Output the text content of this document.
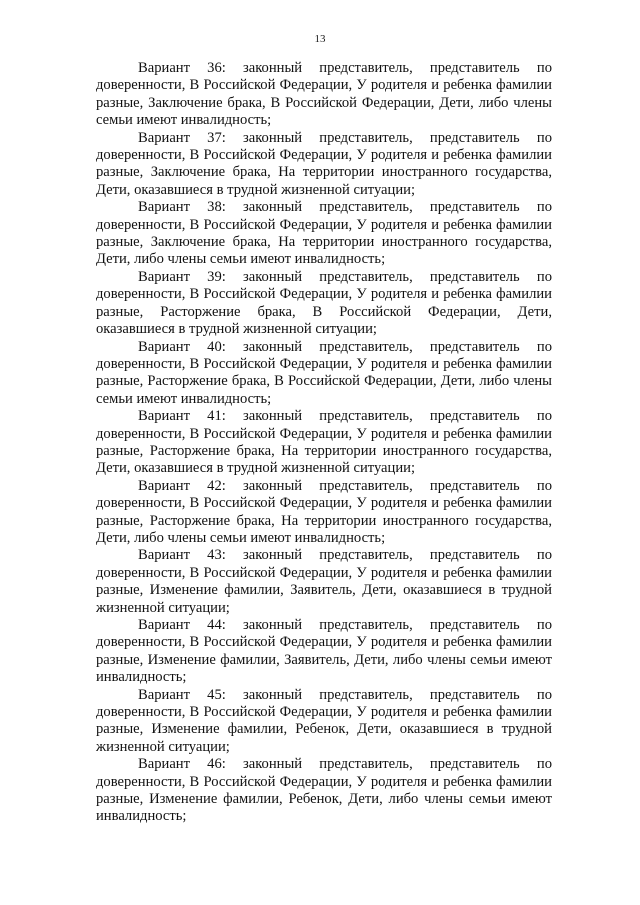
13

Вариант 36: законный представитель, представитель по доверенности, В Российской Федерации, У родителя и ребенка фамилии разные, Заключение брака, В Российской Федерации, Дети, либо члены семьи имеют инвалидность;

Вариант 37: законный представитель, представитель по доверенности, В Российской Федерации, У родителя и ребенка фамилии разные, Заключение брака, На территории иностранного государства, Дети, оказавшиеся в трудной жизненной ситуации;

Вариант 38: законный представитель, представитель по доверенности, В Российской Федерации, У родителя и ребенка фамилии разные, Заключение брака, На территории иностранного государства, Дети, либо члены семьи имеют инвалидность;

Вариант 39: законный представитель, представитель по доверенности, В Российской Федерации, У родителя и ребенка фамилии разные, Расторжение брака, В Российской Федерации, Дети, оказавшиеся в трудной жизненной ситуации;

Вариант 40: законный представитель, представитель по доверенности, В Российской Федерации, У родителя и ребенка фамилии разные, Расторжение брака, В Российской Федерации, Дети, либо члены семьи имеют инвалидность;

Вариант 41: законный представитель, представитель по доверенности, В Российской Федерации, У родителя и ребенка фамилии разные, Расторжение брака, На территории иностранного государства, Дети, оказавшиеся в трудной жизненной ситуации;

Вариант 42: законный представитель, представитель по доверенности, В Российской Федерации, У родителя и ребенка фамилии разные, Расторжение брака, На территории иностранного государства, Дети, либо члены семьи имеют инвалидность;

Вариант 43: законный представитель, представитель по доверенности, В Российской Федерации, У родителя и ребенка фамилии разные, Изменение фамилии, Заявитель, Дети, оказавшиеся в трудной жизненной ситуации;

Вариант 44: законный представитель, представитель по доверенности, В Российской Федерации, У родителя и ребенка фамилии разные, Изменение фамилии, Заявитель, Дети, либо члены семьи имеют инвалидность;

Вариант 45: законный представитель, представитель по доверенности, В Российской Федерации, У родителя и ребенка фамилии разные, Изменение фамилии, Ребенок, Дети, оказавшиеся в трудной жизненной ситуации;

Вариант 46: законный представитель, представитель по доверенности, В Российской Федерации, У родителя и ребенка фамилии разные, Изменение фамилии, Ребенок, Дети, либо члены семьи имеют инвалидность;
